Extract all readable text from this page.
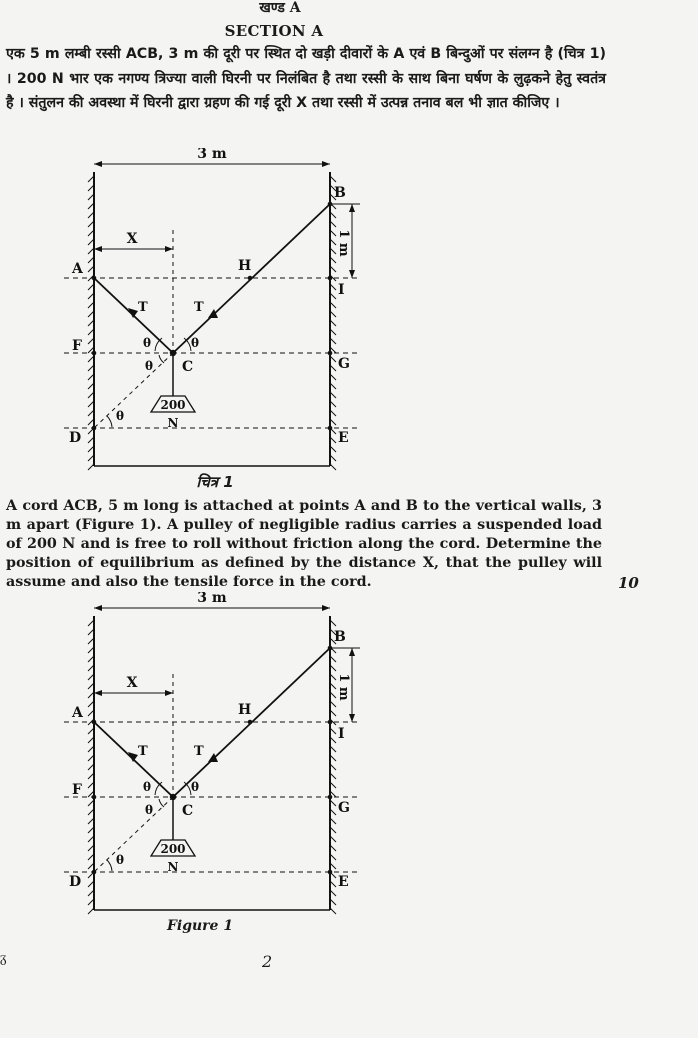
खण्ड A
SECTION A
एक 5 m लम्बी रस्सी ACB, 3 m की दूरी पर स्थित दो खड़ी दीवारों के A एवं B बिन्दुओं पर संलग्न है (चित्र 1) । 200 N भार एक नगण्य त्रिज्या वाली घिरनी पर निलंबित है तथा रस्सी के साथ बिना घर्षण के लुढ़कने हेतु स्वतंत्र है । संतुलन की अवस्था में घिरनी द्वारा ग्रहण की गई दूरी X तथा रस्सी में उत्पन्न तनाव बल भी ज्ञात कीजिए ।
3 m
X	1 m
T	T
θ	θ
θ
θ
200
N
A
B
C
D	E
F
G
H
I
चित्र 1
A cord ACB, 5 m long is attached at points A and B to the vertical walls, 3 m apart (Figure 1). A pulley of negligible radius carries a suspended load of 200 N and is free to roll without friction along the cord. Determine the position of equilibrium as defined by the distance X, that the pulley will assume and also the tensile force in the cord.	10
3 m
X	1 m
T	T
θ	θ
θ
θ
200
N
A
B
C
D	E
F
G
H
I
Figure 1
ᵹ	2
